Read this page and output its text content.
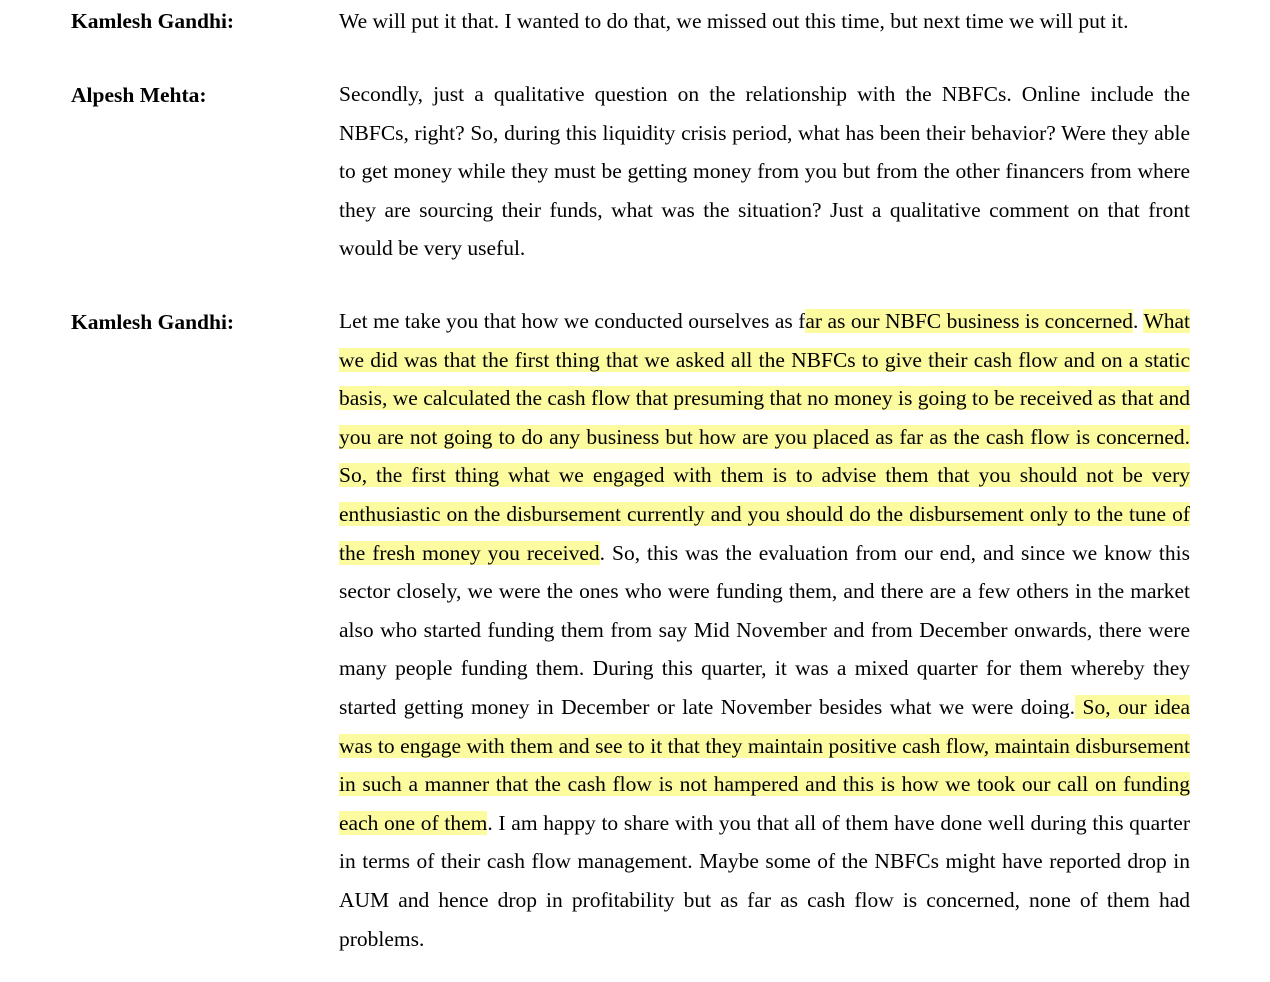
Kamlesh Gandhi:	We will put it that. I wanted to do that, we missed out this time, but next time we will put it.

Alpesh Mehta:	Secondly, just a qualitative question on the relationship with the NBFCs. Online include the NBFCs, right? So, during this liquidity crisis period, what has been their behavior? Were they able to get money while they must be getting money from you but from the other financers from where they are sourcing their funds, what was the situation? Just a qualitative comment on that front would be very useful.

Kamlesh Gandhi:	Let me take you that how we conducted ourselves as far as our NBFC business is concerned. What we did was that the first thing that we asked all the NBFCs to give their cash flow and on a static basis, we calculated the cash flow that presuming that no money is going to be received as that and you are not going to do any business but how are you placed as far as the cash flow is concerned. So, the first thing what we engaged with them is to advise them that you should not be very enthusiastic on the disbursement currently and you should do the disbursement only to the tune of the fresh money you received. So, this was the evaluation from our end, and since we know this sector closely, we were the ones who were funding them, and there are a few others in the market also who started funding them from say Mid November and from December onwards, there were many people funding them. During this quarter, it was a mixed quarter for them whereby they started getting money in December or late November besides what we were doing. So, our idea was to engage with them and see to it that they maintain positive cash flow, maintain disbursement in such a manner that the cash flow is not hampered and this is how we took our call on funding each one of them. I am happy to share with you that all of them have done well during this quarter in terms of their cash flow management. Maybe some of the NBFCs might have reported drop in AUM and hence drop in profitability but as far as cash flow is concerned, none of them had problems.
